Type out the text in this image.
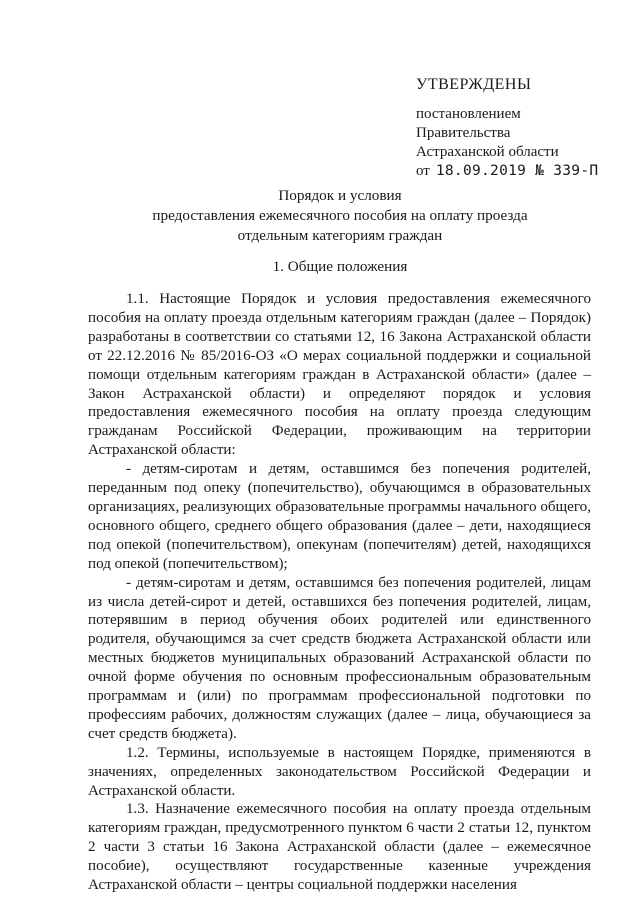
УТВЕРЖДЕНЫ
постановлением
Правительства
Астраханской области
от 18.09.2019 № 339-П
Порядок и условия
предоставления ежемесячного пособия на оплату проезда
отдельным категориям граждан
1. Общие положения

1.1. Настоящие Порядок и условия предоставления ежемесячного пособия на оплату проезда отдельным категориям граждан (далее – Порядок) разработаны в соответствии со статьями 12, 16 Закона Астраханской области от 22.12.2016 № 85/2016-ОЗ «О мерах социальной поддержки и социальной помощи отдельным категориям граждан в Астраханской области» (далее – Закон Астраханской области) и определяют порядок и условия предоставления ежемесячного пособия на оплату проезда следующим гражданам Российской Федерации, проживающим на территории Астраханской области:

- детям-сиротам и детям, оставшимся без попечения родителей, переданным под опеку (попечительство), обучающимся в образовательных организациях, реализующих образовательные программы начального общего, основного общего, среднего общего образования (далее – дети, находящиеся под опекой (попечительством), опекунам (попечителям) детей, находящихся под опекой (попечительством);

- детям-сиротам и детям, оставшимся без попечения родителей, лицам из числа детей-сирот и детей, оставшихся без попечения родителей, лицам, потерявшим в период обучения обоих родителей или единственного родителя, обучающимся за счет средств бюджета Астраханской области или местных бюджетов муниципальных образований Астраханской области по очной форме обучения по основным профессиональным образовательным программам и (или) по программам профессиональной подготовки по профессиям рабочих, должностям служащих (далее – лица, обучающиеся за счет средств бюджета).

1.2. Термины, используемые в настоящем Порядке, применяются в значениях, определенных законодательством Российской Федерации и Астраханской области.

1.3. Назначение ежемесячного пособия на оплату проезда отдельным категориям граждан, предусмотренного пунктом 6 части 2 статьи 12, пунктом 2 части 3 статьи 16 Закона Астраханской области (далее – ежемесячное пособие), осуществляют государственные казенные учреждения Астраханской области – центры социальной поддержки населения
